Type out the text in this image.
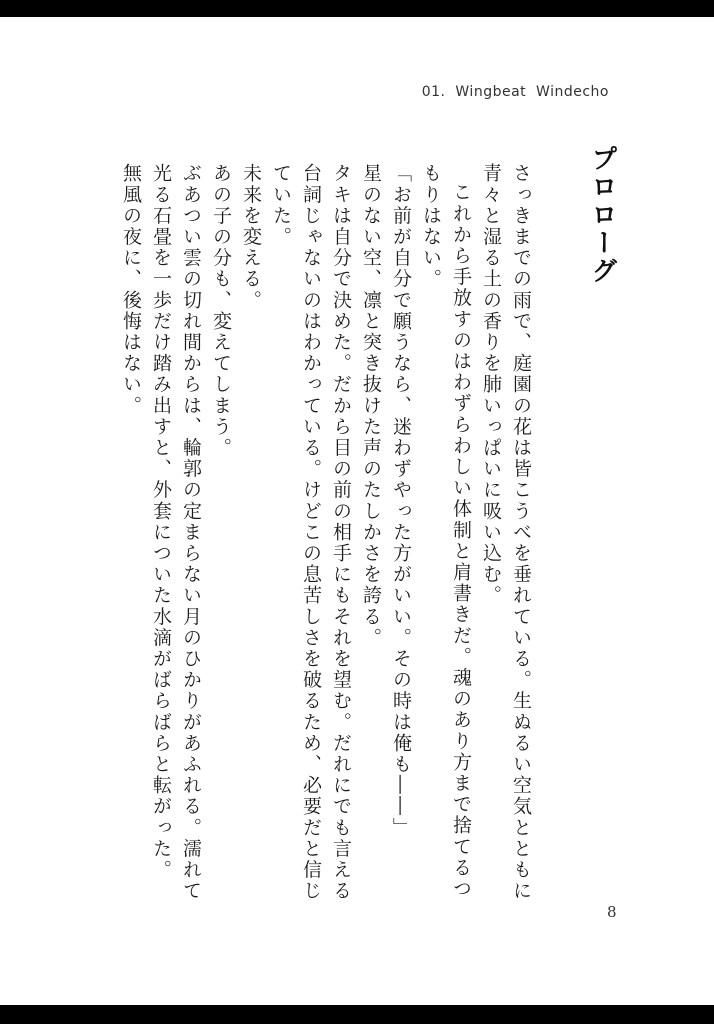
01.  Wingbeat  Windecho
プロローグ

さっきまでの雨で、庭園の花は皆こうべを垂れている。生ぬるい空気とともに青々と湿る土の香りを肺いっぱいに吸い込む。

これから手放すのはわずらわしい体制と肩書きだ。魂のあり方まで捨てるつもりはない。

「お前が自分で願うなら、迷わずやった方がいい。その時は俺も――」

星のない空、凛と突き抜けた声のたしかさを誇る。

タキは自分で決めた。だから目の前の相手にもそれを望む。だれにでも言える台詞じゃないのはわかっている。けどこの息苦しさを破るため、必要だと信じていた。

未来を変える。

あの子の分も、変えてしまう。

ぶあつい雲の切れ間からは、輪郭の定まらない月のひかりがあふれる。濡れて光る石畳を一歩だけ踏み出すと、外套についた水滴がばらばらと転がった。

無風の夜に、後悔はない。

8
